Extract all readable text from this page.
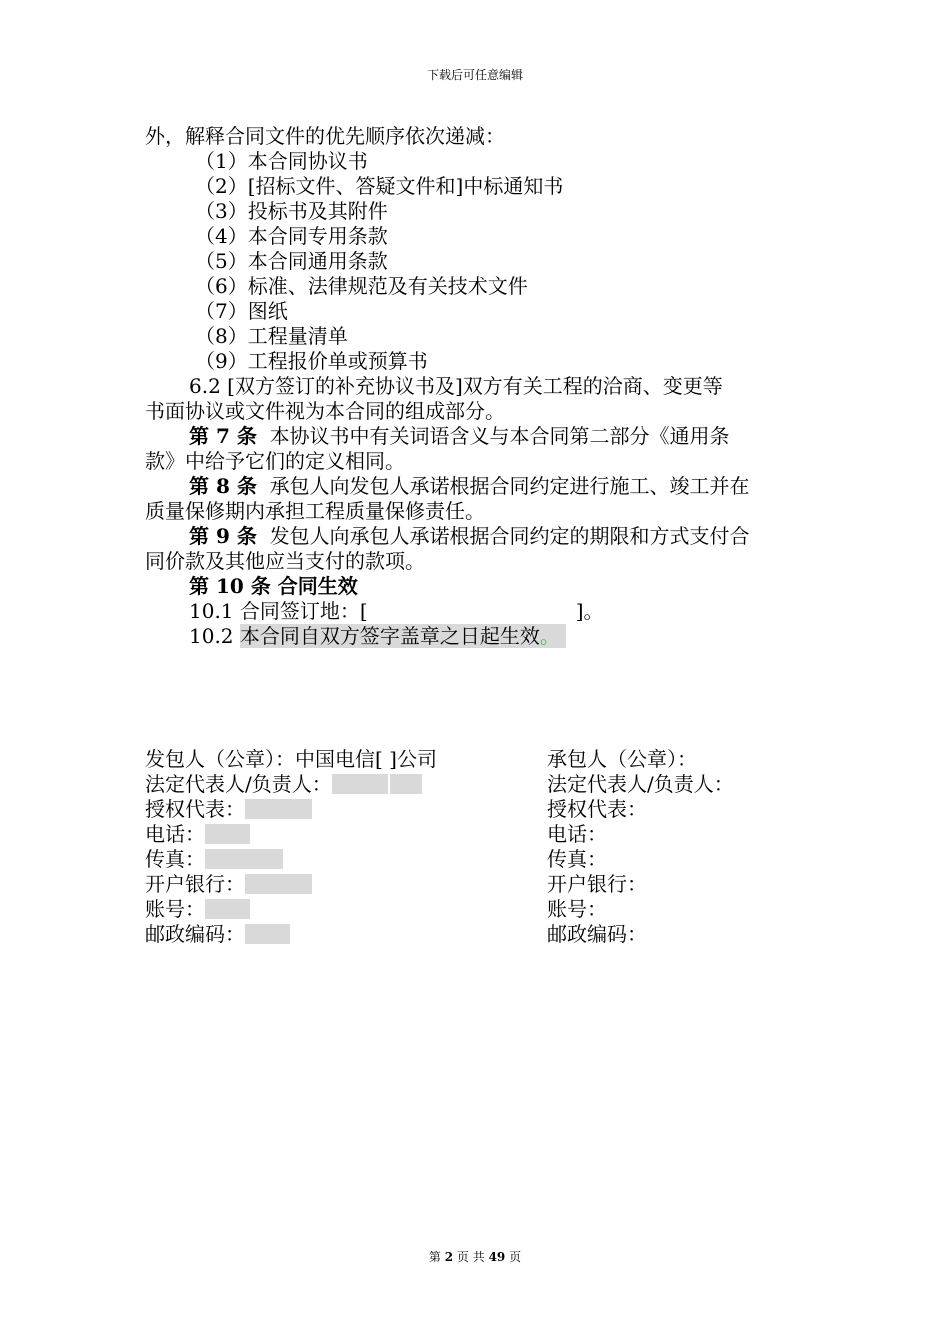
下载后可任意编辑
外，解释合同文件的优先顺序依次递减：
（1）本合同协议书
（2）[招标文件、答疑文件和]中标通知书
（3）投标书及其附件
（4）本合同专用条款
（5）本合同通用条款
（6）标准、法律规范及有关技术文件
（7）图纸
（8）工程量清单
（9）工程报价单或预算书
6.2 [双方签订的补充协议书及]双方有关工程的洽商、变更等
书面协议或文件视为本合同的组成部分。
第 7 条 本协议书中有关词语含义与本合同第二部分《通用条
款》中给予它们的定义相同。
第 8 条 承包人向发包人承诺根据合同约定进行施工、竣工并在
质量保修期内承担工程质量保修责任。
第 9 条 发包人向承包人承诺根据合同约定的期限和方式支付合
同价款及其他应当支付的款项。
第 10 条 合同生效
10.1 合同签订地：[	]。
10.2 本合同自双方签字盖章之日起生效。
发包人（公章）：中国电信[ ]公司
法定代表人/负责人：
授权代表：
电话：
传真：
开户银行：
账号：
邮政编码：
承包人（公章）：
法定代表人/负责人：
授权代表：
电话：
传真：
开户银行：
账号：
邮政编码：
第 2 页 共 49 页
